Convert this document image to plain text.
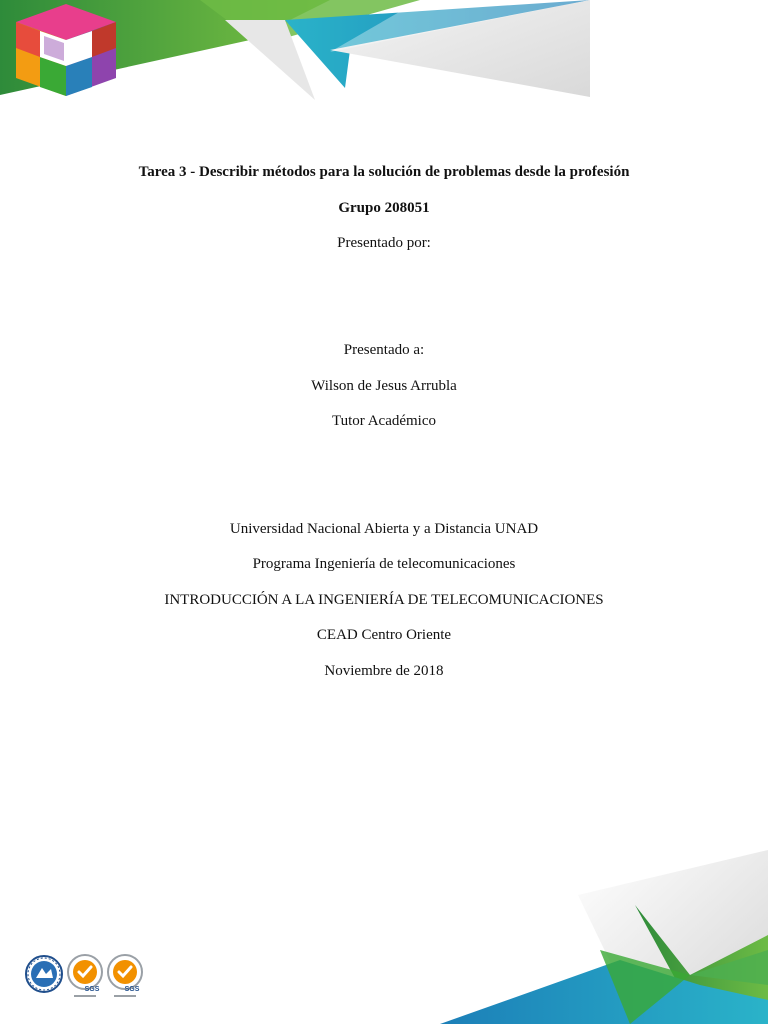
Tarea 3 - Describir métodos para la solución de problemas desde la profesión
Grupo 208051
Presentado por:
Presentado a:
Wilson de Jesus Arrubla
Tutor Académico
Universidad Nacional Abierta y a Distancia UNAD
Programa Ingeniería de telecomunicaciones
INTRODUCCIÓN A LA INGENIERÍA DE TELECOMUNICACIONES
CEAD Centro Oriente
Noviembre de 2018
SGS	SGS
